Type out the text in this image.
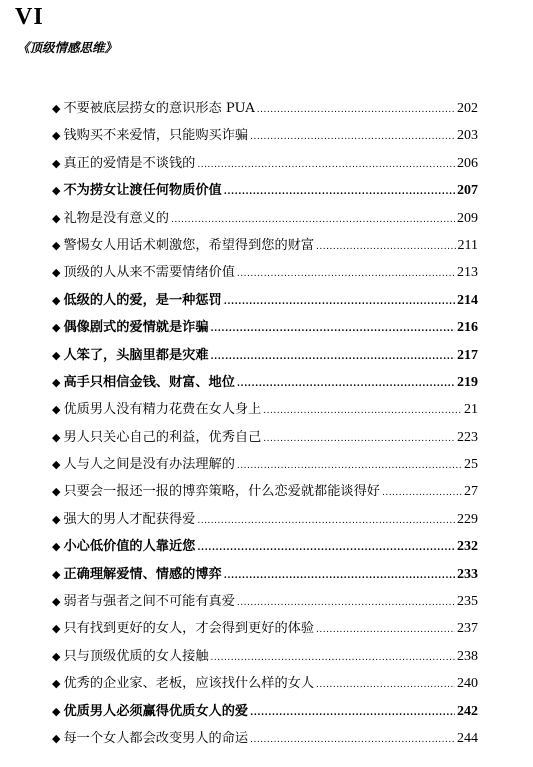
VI
《顶级情感思维》
◆ 不要被底层捞女的意识形态 PUA .....	202
◆ 钱购买不来爱情，只能购买诈骗 .....	203
◆ 真正的爱情是不谈钱的 .....	206
◆ 不为捞女让渡任何物质价值 .....	207
◆ 礼物是没有意义的 .....	209
◆ 警惕女人用话术刺激您，希望得到您的财富 .....	211
◆ 顶级的人从来不需要情绪价值 .....	213
◆ 低级的人的爱，是一种惩罚 .....	214
◆ 偶像剧式的爱情就是诈骗 .....	216
◆ 人笨了，头脑里都是灾难 .....	217
◆ 高手只相信金钱、财富、地位 .....	219
◆ 优质男人没有精力花费在女人身上 .....	21
◆ 男人只关心自己的利益，优秀自己 .....	223
◆ 人与人之间是没有办法理解的 .....	25
◆ 只要会一报还一报的博弈策略，什么恋爱就都能谈得好 .....	27
◆ 强大的男人才配获得爱 .....	229
◆ 小心低价值的人靠近您 .....	232
◆ 正确理解爱情、情感的博弈 .....	233
◆ 弱者与强者之间不可能有真爱 .....	235
◆ 只有找到更好的女人，才会得到更好的体验 .....	237
◆ 只与顶级优质的女人接触 .....	238
◆ 优秀的企业家、老板，应该找什么样的女人 .....	240
◆ 优质男人必须赢得优质女人的爱 .....	242
◆ 每一个女人都会改变男人的命运 .....	244
